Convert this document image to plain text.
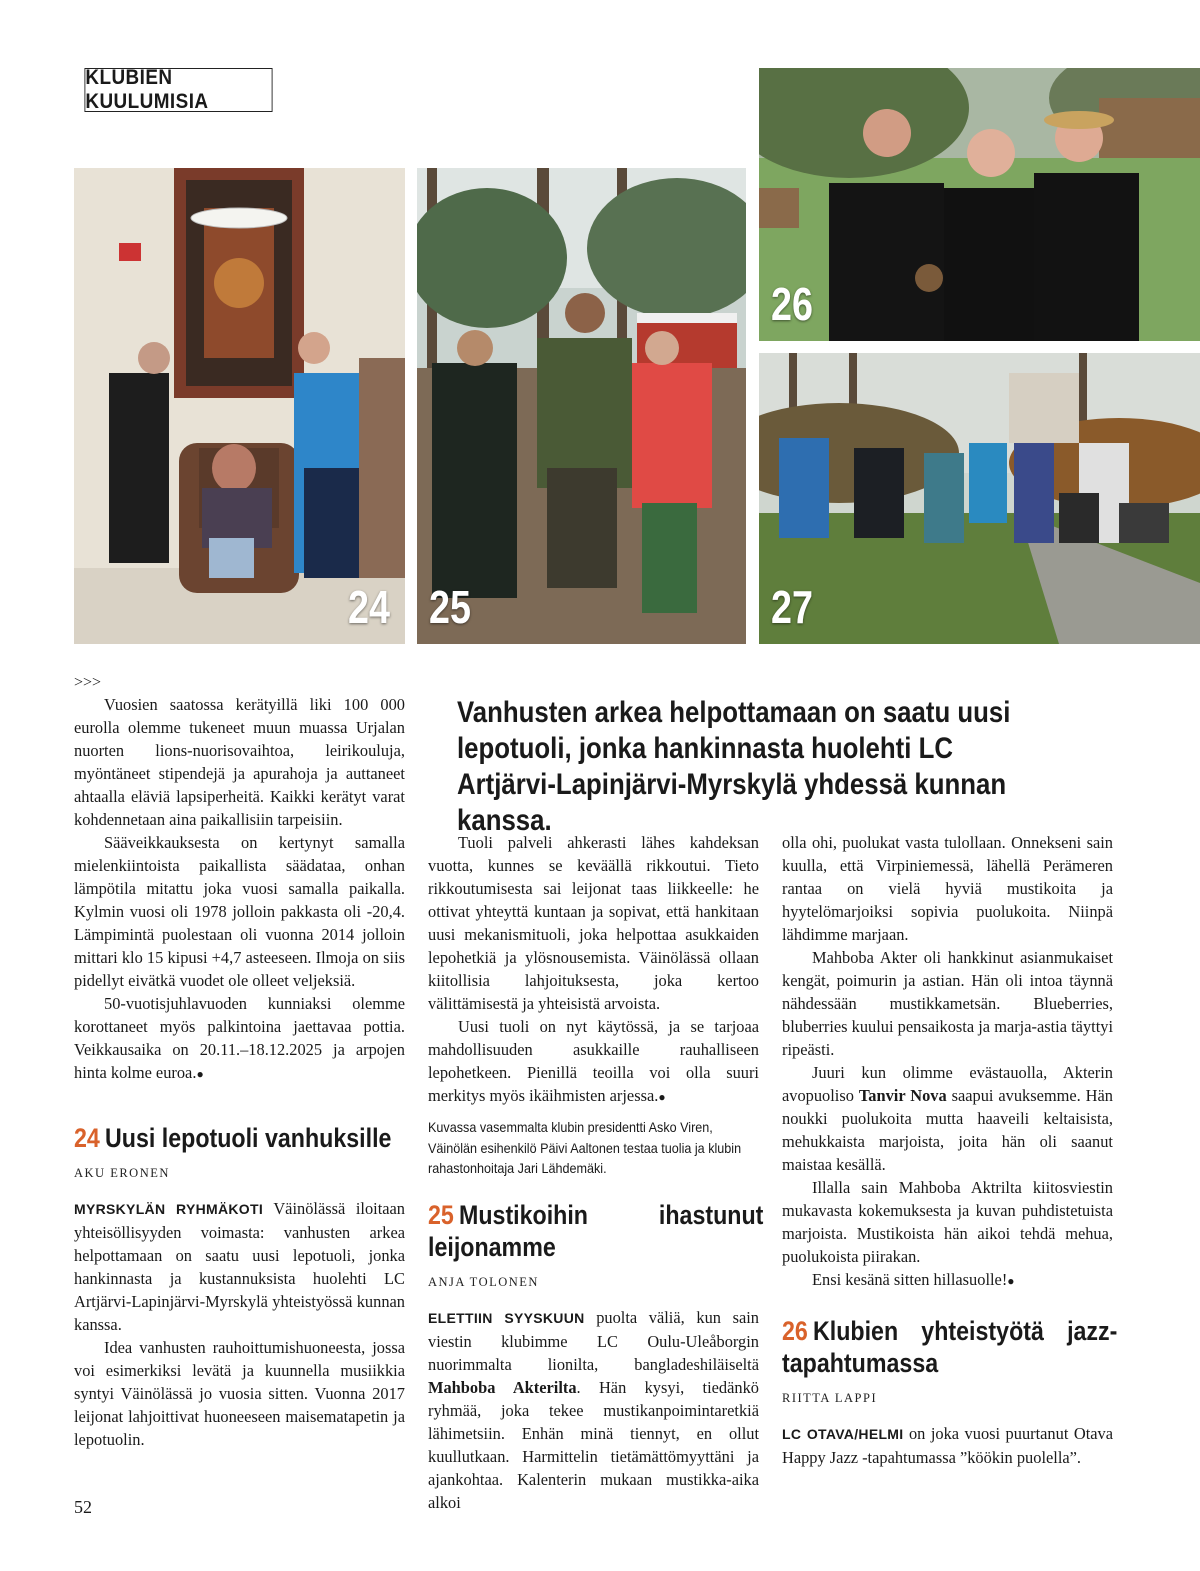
KLUBIEN KUULUMISIA
24 25
26
27
>>>

Vuosien saatossa kerätyillä liki 100 000 eurolla olemme tukeneet muun muassa Urjalan nuorten lions-nuorisovaihtoa, leirikouluja, myöntäneet stipendejä ja apurahoja ja auttaneet ahtaalla eläviä lapsiperheitä. Kaikki kerätyt varat kohdennetaan aina paikallisiin tarpeisiin.

Sääveikkauksesta on kertynyt samalla mielenkiintoista paikallista säädataa, onhan lämpötila mitattu joka vuosi samalla paikalla. Kylmin vuosi oli 1978 jolloin pakkasta oli -20,4. Lämpimintä puolestaan oli vuonna 2014 jolloin mittari klo 15 kipusi +4,7 asteeseen. Ilmoja on siis pidellyt eivätkä vuodet ole olleet veljeksiä.

50-vuotisjuhlavuoden kunniaksi olemme korottaneet myös palkintoina jaettavaa pottia. Veikkausaika on 20.11.–18.12.2025 ja arpojen hinta kolme euroa.●

24 Uusi lepotuoli vanhuksille
AKU ERONEN

MYRSKYLÄN RYHMÄKOTI Väinölässä iloitaan yhteisöllisyyden voimasta: vanhusten arkea helpottamaan on saatu uusi lepotuoli, jonka hankinnasta ja kustannuksista huolehti LC Artjärvi-Lapinjärvi-Myrskylä yhteistyössä kunnan kanssa.

Idea vanhusten rauhoittumishuoneesta, jossa voi esimerkiksi levätä ja kuunnella musiikkia syntyi Väinölässä jo vuosia sitten. Vuonna 2017 leijonat lahjoittivat huoneeseen maisematapetin ja lepotuolin.

Vanhusten arkea helpottamaan on saatu uusi lepotuoli, jonka hankinnasta huolehti LC Artjärvi-Lapinjärvi-Myrskylä yhdessä kunnan kanssa.

Tuoli palveli ahkerasti lähes kahdeksan vuotta, kunnes se keväällä rikkoutui. Tieto rikkoutumisesta sai leijonat taas liikkeelle: he ottivat yhteyttä kuntaan ja sopivat, että hankitaan uusi mekanismituoli, joka helpottaa asukkaiden lepohetkiä ja ylösnousemista. Väinölässä ollaan kiitollisia lahjoituksesta, joka kertoo välittämisestä ja yhteisistä arvoista.

Uusi tuoli on nyt käytössä, ja se tarjoaa mahdollisuuden asukkaille rauhalliseen lepohetkeen. Pienillä teoilla voi olla suuri merkitys myös ikäihmisten arjessa.●

Kuvassa vasemmalta klubin presidentti Asko Viren, Väinölän esihenkilö Päivi Aaltonen testaa tuolia ja klubin rahastonhoitaja Jari Lähdemäki.
25 Mustikoihin ihastunut leijonamme
ANJA TOLONEN

ELETTIIN SYYSKUUN puolta väliä, kun sain viestin klubimme LC Oulu-Uleåborgin nuorimmalta lionilta, bangladeshiläiseltä Mahboba Akterilta. Hän kysyi, tiedänkö ryhmää, joka tekee mustikanpoimintaretkiä lähimetsiin. Enhän minä tiennyt, en ollut kuullutkaan. Harmittelin tietämättömyyttäni ja ajankohtaa. Kalenterin mukaan mustikka-aika alkoi

olla ohi, puolukat vasta tulollaan. Onnekseni sain kuulla, että Virpiniemessä, lähellä Perämeren rantaa on vielä hyviä mustikoita ja hyytelömarjoiksi sopivia puolukoita. Niinpä lähdimme marjaan.

Mahboba Akter oli hankkinut asianmukaiset kengät, poimurin ja astian. Hän oli intoa täynnä nähdessään mustikkametsän. Blueberries, bluberries kuului pensaikosta ja marja-astia täyttyi ripeästi.

Juuri kun olimme evästauolla, Akterin avopuoliso Tanvir Nova saapui avuksemme. Hän noukki puolukoita mutta haaveili keltaisista, mehukkaista marjoista, joita hän oli saanut maistaa kesällä.

Illalla sain Mahboba Aktrilta kiitosviestin mukavasta kokemuksesta ja kuvan puhdistetuista marjoista. Mustikoista hän aikoi tehdä mehua, puolukoista piirakan.

Ensi kesänä sitten hillasuolle!●

26 Klubien yhteistyötä jazz-tapahtumassa
RIITTA LAPPI

LC OTAVA/HELMI on joka vuosi puurtanut Otava Happy Jazz -tapahtumassa ”köökin puolella”.

52
